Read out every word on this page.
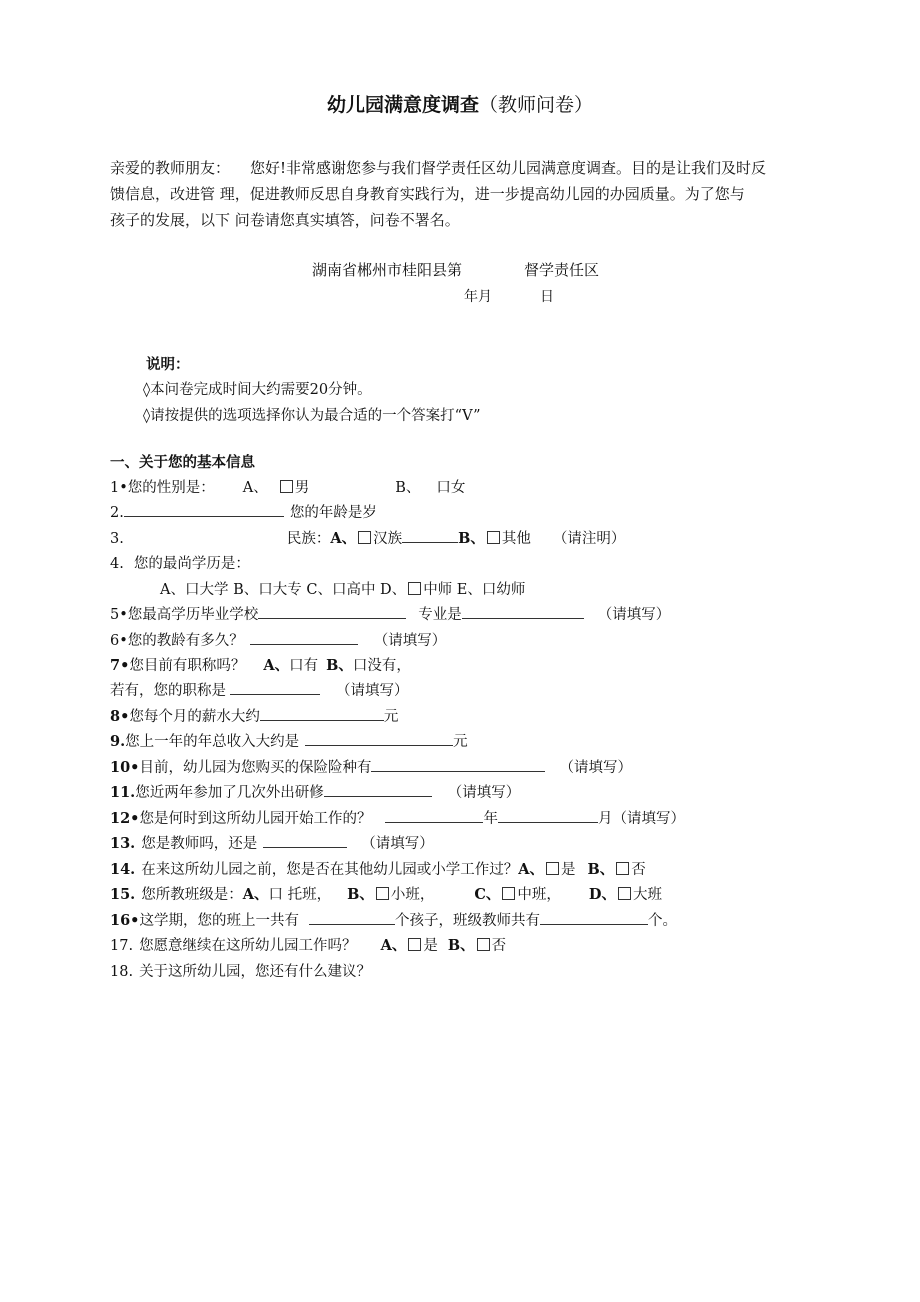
幼儿园满意度调查（教师问卷）

亲爱的教师朋友： 您好!非常感谢您参与我们督学责任区幼儿园满意度调查。目的是让我们及时反

馈信息，改进管 理，促进教师反思自身教育实践行为，进一步提高幼儿园的办园质量。为了您与

孩子的发展，以下 问卷请您真实填答，问卷不署名。

湖南省郴州市桂阳县第	督学责任区
年月	日
说明：
◊本问卷完成时间大约需要20分钟。
◊请按提供的选项选择你认为最合适的一个答案打“V”
一、关于您的基本信息
1•您的性别是： A、 男	B、 口女
2.	您的年龄是岁
3.	民族：A、 汉族	B、 其他 （请注明）
4. 您的最尚学历是：
A、口大学 B、口大专 C、口高中 D、 中师 E、口幼师
5•您最高学历毕业学校	专业是	（请填写）
6•您的教龄有多久？	（请填写）
7•您目前有职称吗？ A、口有 B、口没有，
若有，您的职称是	（请填写）
8•您每个月的薪水大约	元
9.您上一年的年总收入大约是	元
10•目前，幼儿园为您购买的保险险种有	（请填写）
11.您近两年参加了几次外出研修	（请填写）
12•您是何时到这所幼儿园开始工作的？	年	月（请填写）
13. 您是教师吗，还是	（请填写）
14. 在来这所幼儿园之前，您是否在其他幼儿园或小学工作过？A、 是 B、 否
15. 您所教班级是：A、口 托班， B、 小班，	C、 中班， D、 大班
16•这学期，您的班上一共有	个孩子，班级教师共有	个。
17. 您愿意继续在这所幼儿园工作吗？ A、 是 B、 否
18. 关于这所幼儿园，您还有什么建议？
